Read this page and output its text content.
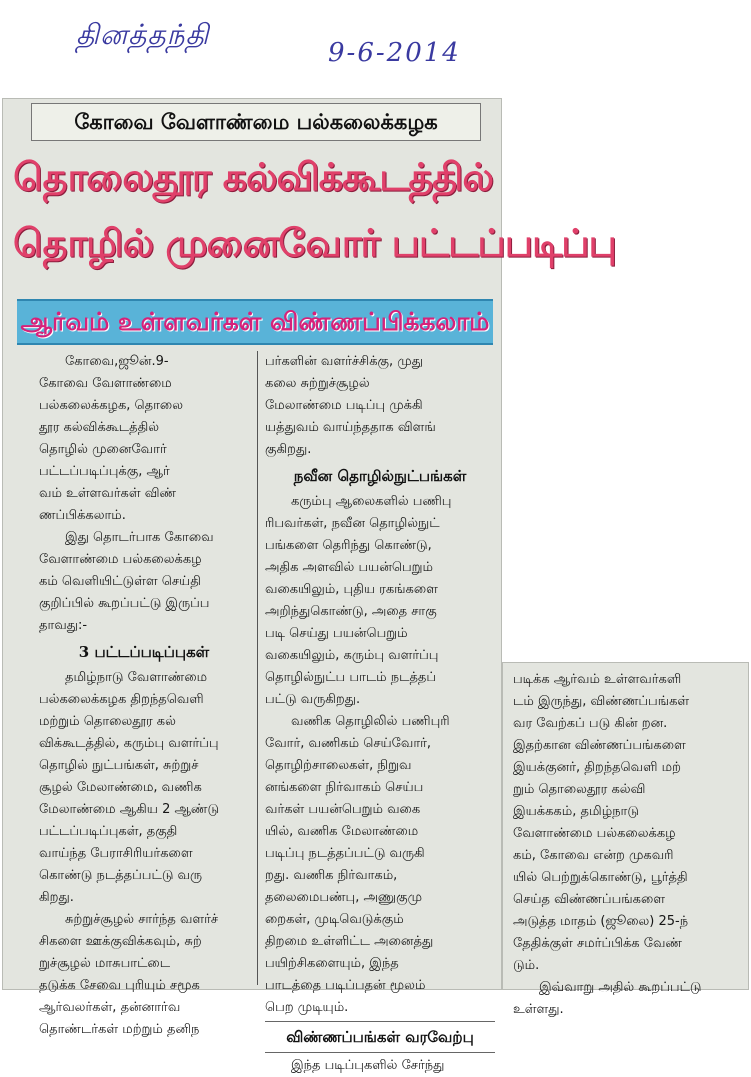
தினத்தந்தி
9-6-2014
கோவை வேளாண்மை பல்கலைக்கழக
தொலைதூர கல்விக்கூடத்தில்
தொழில் முனைவோர் பட்டப்படிப்பு
ஆர்வம் உள்ளவர்கள் விண்ணப்பிக்கலாம்
கோவை,ஜூன்.9-
கோவை வேளாண்மை
பல்கலைக்கழக, தொலை
தூர கல்விக்கூடத்தில்
தொழில் முனைவோர்
பட்டப்படிப்புக்கு, ஆர்
வம் உள்ளவர்கள் விண்
ணப்பிக்கலாம்.
இது தொடர்பாக கோவை
வேளாண்மை பல்கலைக்கழ
கம் வெளியிட்டுள்ள செய்தி
குறிப்பில் கூறப்பட்டு இருப்ப
தாவது:-
3 பட்டப்படிப்புகள்
தமிழ்நாடு வேளாண்மை
பல்கலைக்கழக திறந்தவெளி
மற்றும் தொலைதூர கல்
விக்கூடத்தில், கரும்பு வளர்ப்பு
தொழில் நுட்பங்கள், சுற்றுச்
சூழல் மேலாண்மை, வணிக
மேலாண்மை ஆகிய 2 ஆண்டு
பட்டப்படிப்புகள், தகுதி
வாய்ந்த பேராசிரியர்களை
கொண்டு நடத்தப்பட்டு வரு
கிறது.
சுற்றுச்சூழல் சார்ந்த வளர்ச்
சிகளை ஊக்குவிக்கவும், சுற்
றுச்சூழல் மாசுபாட்டை
தடுக்க சேவை புரியும் சமூக
ஆர்வலர்கள், தன்னார்வ
தொண்டர்கள் மற்றும் தனிந
பர்களின் வளர்ச்சிக்கு, முது
கலை சுற்றுச்சூழல்
மேலாண்மை படிப்பு முக்கி
யத்துவம் வாய்ந்ததாக விளங்
குகிறது.
நவீன தொழில்நுட்பங்கள்
கரும்பு ஆலைகளில் பணிபு
ரிபவர்கள், நவீன தொழில்நுட்
பங்களை தெரிந்து கொண்டு,
அதிக அளவில் பயன்பெறும்
வகையிலும், புதிய ரகங்களை
அறிந்துகொண்டு, அதை சாகு
படி செய்து பயன்பெறும்
வகையிலும், கரும்பு வளர்ப்பு
தொழில்நுட்ப பாடம் நடத்தப்
பட்டு வருகிறது.
வணிக தொழிலில் பணிபுரி
வோர், வணிகம் செய்வோர்,
தொழிற்சாலைகள், நிறுவ
னங்களை நிர்வாகம் செய்ப
வர்கள் பயன்பெறும் வகை
யில், வணிக மேலாண்மை
படிப்பு நடத்தப்பட்டு வருகி
றது. வணிக நிர்வாகம்,
தலைமைபண்பு, அணுகுமு
றைகள், முடிவெடுக்கும்
திறமை உள்ளிட்ட அனைத்து
பயிற்சிகளையும், இந்த
பாடத்தை படிப்பதன் மூலம்
பெற முடியும்.
விண்ணப்பங்கள் வரவேற்பு
இந்த படிப்புகளில் சேர்ந்து
படிக்க ஆர்வம் உள்ளவர்களி
டம் இருந்து, விண்ணப்பங்கள்
வர வேற்கப் படு கின் றன.
இதற்கான விண்ணப்பங்களை
இயக்குனர், திறந்தவெளி மற்
றும் தொலைதூர கல்வி
இயக்ககம், தமிழ்நாடு
வேளாண்மை பல்கலைக்கழ
கம், கோவை என்ற முகவரி
யில் பெற்றுக்கொண்டு, பூர்த்தி
செய்த விண்ணப்பங்களை
அடுத்த மாதம் (ஜூலை) 25-ந்
தேதிக்குள் சமர்ப்பிக்க வேண்
டும்.
இவ்வாறு அதில் கூறப்பட்டு
உள்ளது.
